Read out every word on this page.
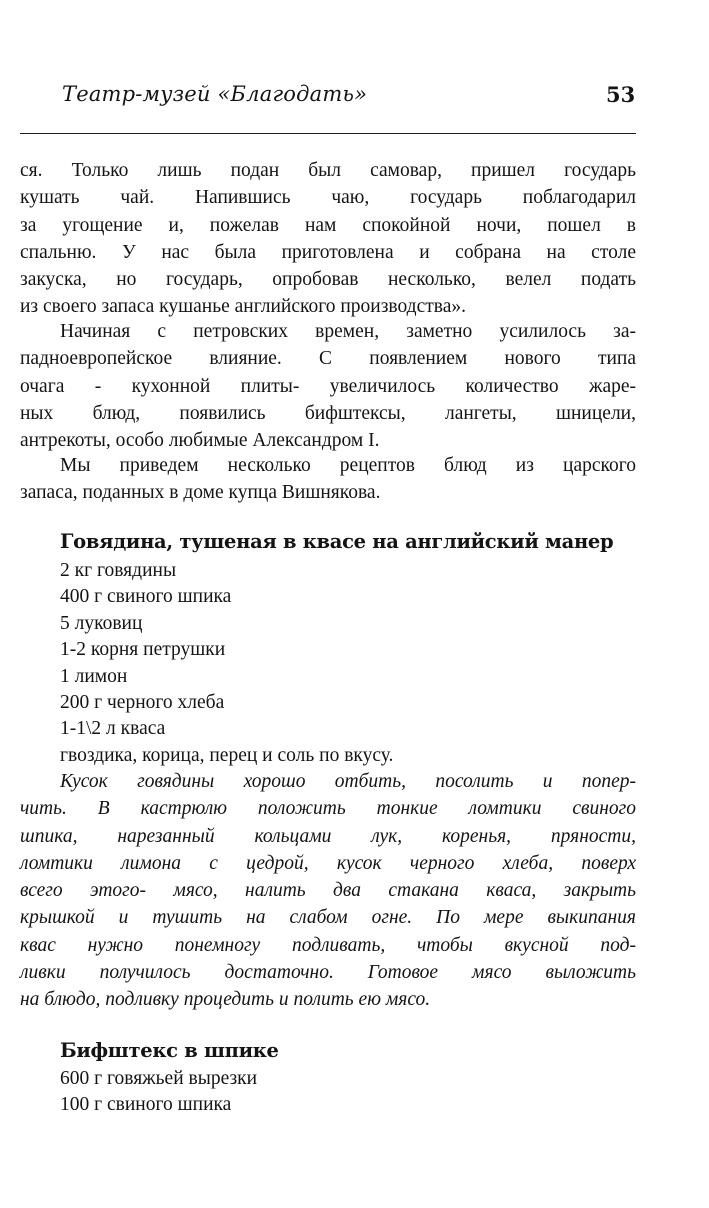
Театр-музей «Благодать»	53
ся. Только лишь подан был самовар, пришел государь
кушать чай. Напившись чаю, государь поблагодарил
за угощение и, пожелав нам спокойной ночи, пошел в
спальню. У нас была приготовлена и собрана на столе
закуска, но государь, опробовав несколько, велел подать
из своего запаса кушанье английского производства».
Начиная с петровских времен, заметно усилилось за-
падноевропейское влияние. С появлением нового типа
очага - кухонной плиты- увеличилось количество жаре-
ных блюд, появились бифштексы, лангеты, шницели,
антрекоты, особо любимые Александром I.
Мы приведем несколько рецептов блюд из царского
запаса, поданных в доме купца Вишнякова.
Говядина, тушеная в квасе на английский манер
2 кг говядины
400 г свиного шпика
5 луковиц
1-2 корня петрушки
1 лимон
200 г черного хлеба
1-1\2 л кваса
гвоздика, корица, перец и соль по вкусу.
Кусок говядины хорошо отбить, посолить и попер-
чить. В кастрюлю положить тонкие ломтики свиного
шпика, нарезанный кольцами лук, коренья, пряности,
ломтики лимона с цедрой, кусок черного хлеба, поверх
всего этого- мясо, налить два стакана кваса, закрыть
крышкой и тушить на слабом огне. По мере выкипания
квас нужно понемногу подливать, чтобы вкусной под-
ливки получилось достаточно. Готовое мясо выложить
на блюдо, подливку процедить и полить ею мясо.
Бифштекс в шпике
600 г говяжьей вырезки
100 г свиного шпика
